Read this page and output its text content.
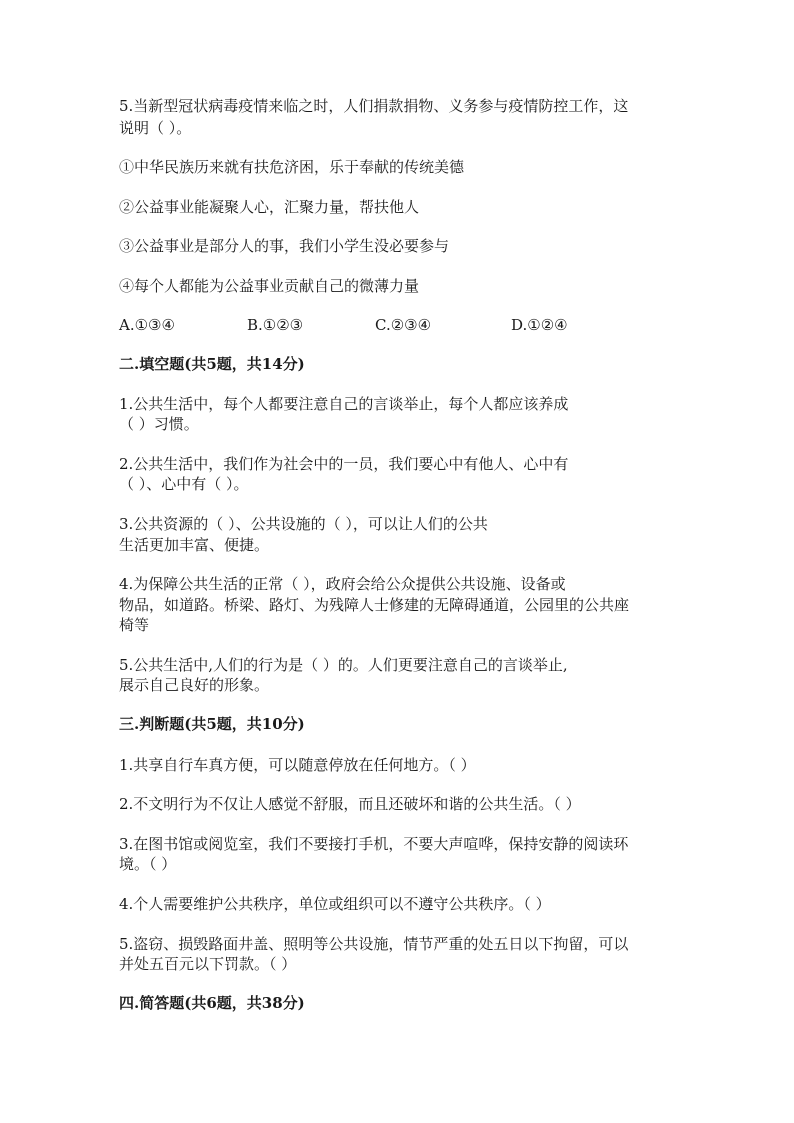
5.当新型冠状病毒疫情来临之时，人们捐款捐物、义务参与疫情防控工作，这
说明（ ）。
①中华民族历来就有扶危济困，乐于奉献的传统美德
②公益事业能凝聚人心，汇聚力量，帮扶他人
③公益事业是部分人的事，我们小学生没必要参与
④每个人都能为公益事业贡献自己的微薄力量
A.①③④	B.①②③	C.②③④	D.①②④
二.填空题(共5题，共14分)
1.公共生活中，每个人都要注意自己的言谈举止，每个人都应该养成
（ ）习惯。
2.公共生活中，我们作为社会中的一员，我们要心中有他人、心中有
（ ）、心中有（ ）。
3.公共资源的（ ）、公共设施的（ ），可以让人们的公共
生活更加丰富、便捷。
4.为保障公共生活的正常（ ），政府会给公众提供公共设施、设备或
物品，如道路。桥梁、路灯、为残障人士修建的无障碍通道，公园里的公共座
椅等
5.公共生活中,人们的行为是（ ）的。人们更要注意自己的言谈举止,
展示自己良好的形象。
三.判断题(共5题，共10分)
1.共享自行车真方便，可以随意停放在任何地方。（ ）
2.不文明行为不仅让人感觉不舒服，而且还破坏和谐的公共生活。（ ）
3.在图书馆或阅览室，我们不要接打手机，不要大声喧哗，保持安静的阅读环
境。（ ）
4.个人需要维护公共秩序，单位或组织可以不遵守公共秩序。（ ）
5.盗窃、损毁路面井盖、照明等公共设施，情节严重的处五日以下拘留，可以
并处五百元以下罚款。（ ）
四.简答题(共6题，共38分)
